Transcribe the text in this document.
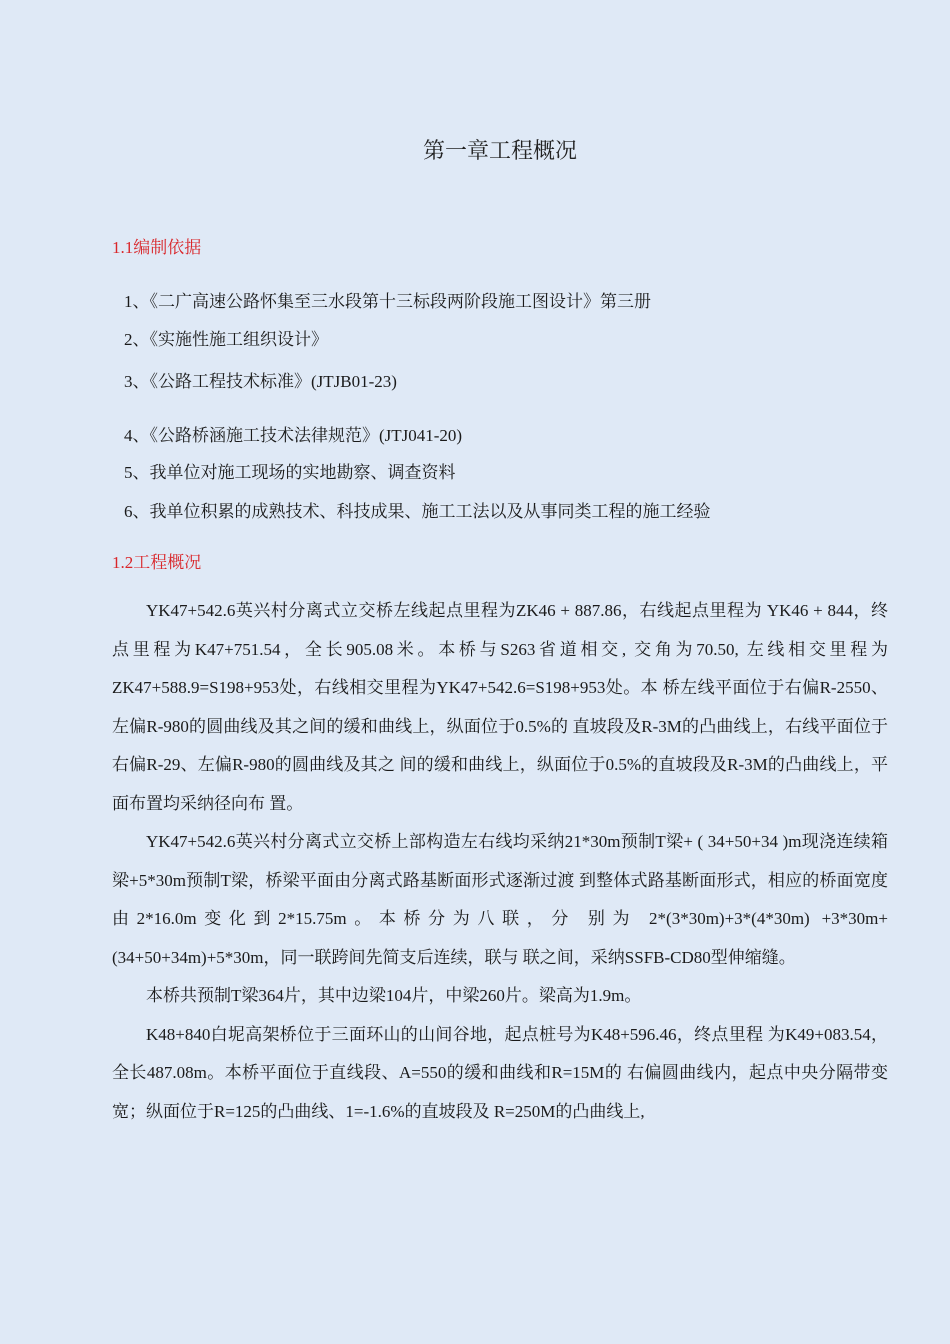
第一章工程概况
1.1编制依据
1、《二广高速公路怀集至三水段第十三标段两阶段施工图设计》第三册
2、《实施性施工组织设计》
3、《公路工程技术标准》(JTJB01-23)
4、《公路桥涵施工技术法律规范》(JTJ041-20)
5、我单位对施工现场的实地勘察、调查资料
6、我单位积累的成熟技术、科技成果、施工工法以及从事同类工程的施工经验
1.2工程概况

YK47+542.6英兴村分离式立交桥左线起点里程为ZK46 + 887.86，右线起点里程为 YK46 + 844，终点里程为K47+751.54，全长905.08米。本桥与S263省道相交, 交角为70.50, 左线相交里程为ZK47+588.9=S198+953处，右线相交里程为YK47+542.6=S198+953处。本 桥左线平面位于右偏R-2550、左偏R-980的圆曲线及其之间的缓和曲线上，纵面位于0.5%的 直坡段及R-3M的凸曲线上，右线平面位于右偏R-29、左偏R-980的圆曲线及其之 间的缓和曲线上，纵面位于0.5%的直坡段及R-3M的凸曲线上，平面布置均采纳径向布 置。

YK47+542.6英兴村分离式立交桥上部构造左右线均采纳21*30m预制T梁+ ( 34+50+34 )m现浇连续箱梁+5*30m预制T梁，桥梁平面由分离式路基断面形式逐渐过渡 到整体式路基断面形式，相应的桥面宽度由2*16.0m变化到2*15.75m。本桥分为八联，分 别为 2*(3*30m)+3*(4*30m) +3*30m+(34+50+34m)+5*30m，同一联跨间先简支后连续，联与 联之间，采纳SSFB-CD80型伸缩缝。

本桥共预制T梁364片，其中边梁104片，中梁260片。梁高为1.9m。

K48+840白坭高架桥位于三面环山的山间谷地，起点桩号为K48+596.46，终点里程 为K49+083.54，全长487.08m。本桥平面位于直线段、A=550的缓和曲线和R=15M的 右偏圆曲线内，起点中央分隔带变宽；纵面位于R=125的凸曲线、1=-1.6%的直坡段及 R=250M的凸曲线上,
